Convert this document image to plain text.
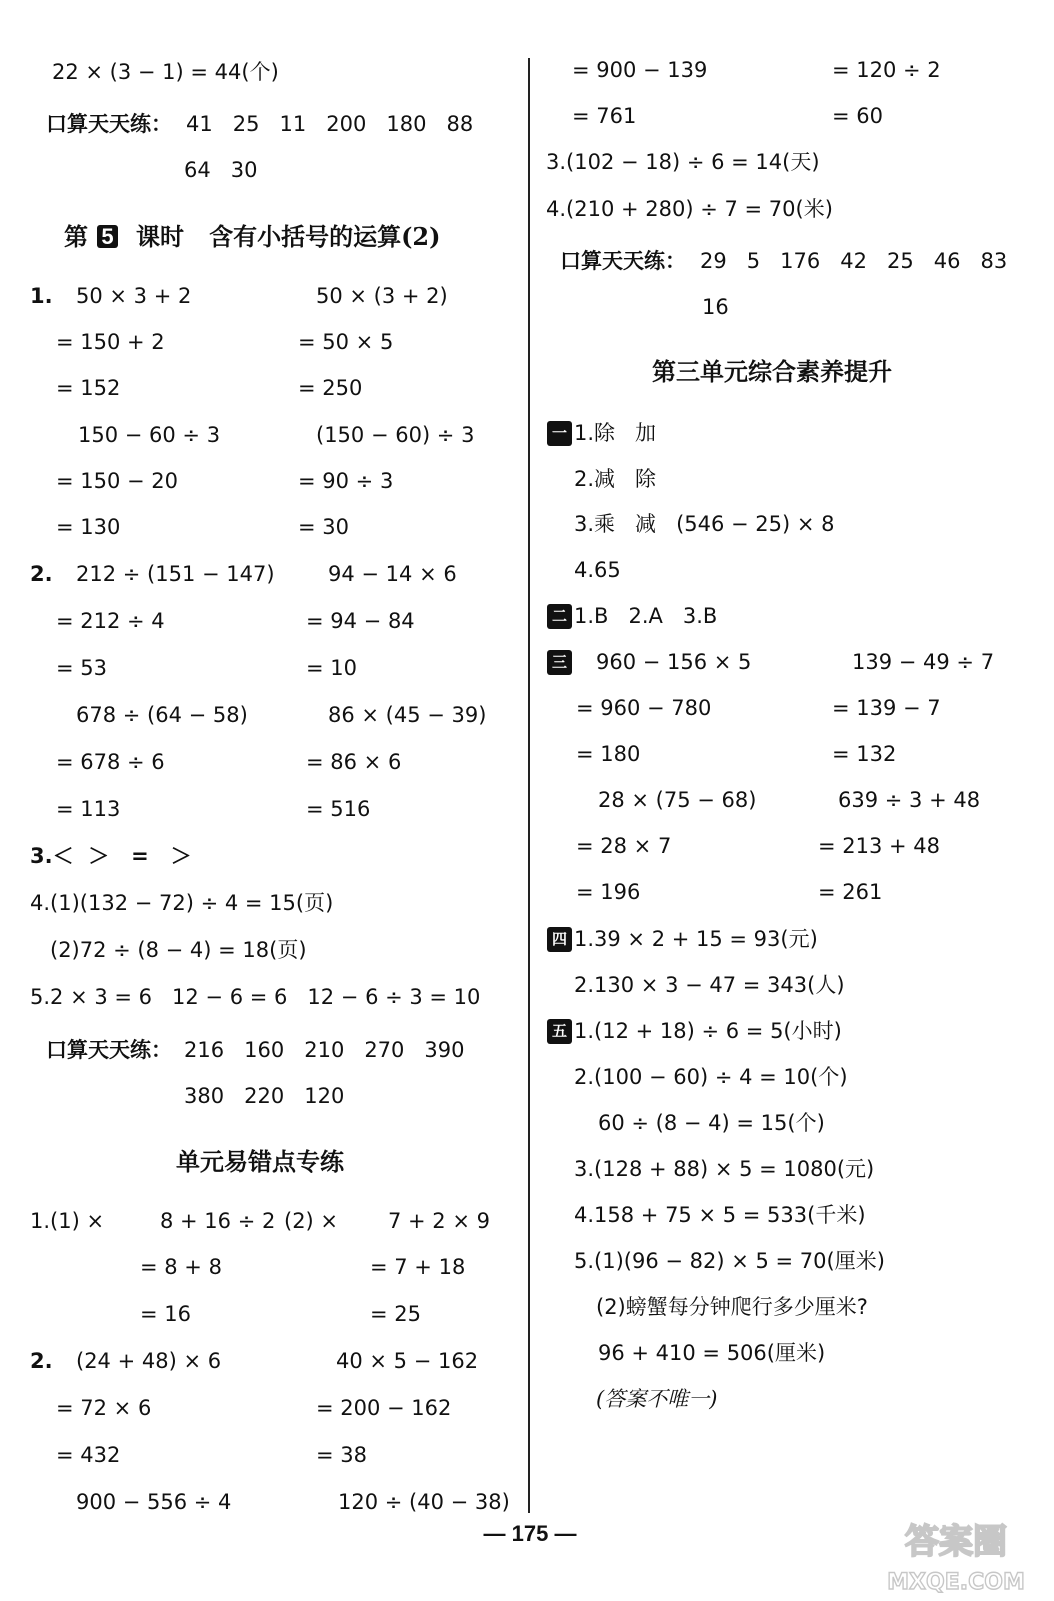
22 × (3 − 1) = 44(个)
口算天天练： 41   25   11   200   180   88
64   30
第 课时   含有小括号的运算(2)
1. 50 × 3 + 2	50 × (3 + 2)
= 150 + 2	= 50 × 5
= 152	= 250
150 − 60 ÷ 3	(150 − 60) ÷ 3
= 150 − 20	= 90 ÷ 3
= 130	= 30
2. 212 ÷ (151 − 147)	94 − 14 × 6
= 212 ÷ 4	= 94 − 84
= 53	= 10
678 ÷ (64 − 58)	86 × (45 − 39)
= 678 ÷ 6	= 86 × 6
= 113	= 516
3.＜  ＞   =   ＞
4.(1)(132 − 72) ÷ 4 = 15(页)
(2)72 ÷ (8 − 4) = 18(页)
5.2 × 3 = 6   12 − 6 = 6   12 − 6 ÷ 3 = 10
口算天天练： 216   160   210   270   390
380   220   120
单元易错点专练
1.(1) ×	8 + 16 ÷ 2 (2) × 7 + 2 × 9
= 8 + 8	= 7 + 18
= 16	= 25
2. (24 + 48) × 6	40 × 5 − 162
= 72 × 6	= 200 − 162
= 432	= 38
900 − 556 ÷ 4	120 ÷ (40 − 38)
= 900 − 139	= 120 ÷ 2
= 761	= 60
3.(102 − 18) ÷ 6 = 14(天)
4.(210 + 280) ÷ 7 = 70(米)
口算天天练： 29   5   176   42   25   46   83
16
第三单元综合素养提升
1.除   加
2.减   除
3.乘   减   (546 − 25) × 8
4.65
1.B   2.A   3.B
960 − 156 × 5	139 − 49 ÷ 7
= 960 − 780	= 139 − 7
= 180	= 132
28 × (75 − 68)	639 ÷ 3 + 48
= 28 × 7	= 213 + 48
= 196	= 261
1.39 × 2 + 15 = 93(元)
2.130 × 3 − 47 = 343(人)
1.(12 + 18) ÷ 6 = 5(小时)
2.(100 − 60) ÷ 4 = 10(个)
60 ÷ (8 − 4) = 15(个)
3.(128 + 88) × 5 = 1080(元)
4.158 + 75 × 5 = 533(千米)
5.(1)(96 − 82) × 5 = 70(厘米)
(2)螃蟹每分钟爬行多少厘米?
96 + 410 = 506(厘米)
(答案不唯一)
5
一
二
三
四
五
— 175 —	答案圈
MXQE.COM
